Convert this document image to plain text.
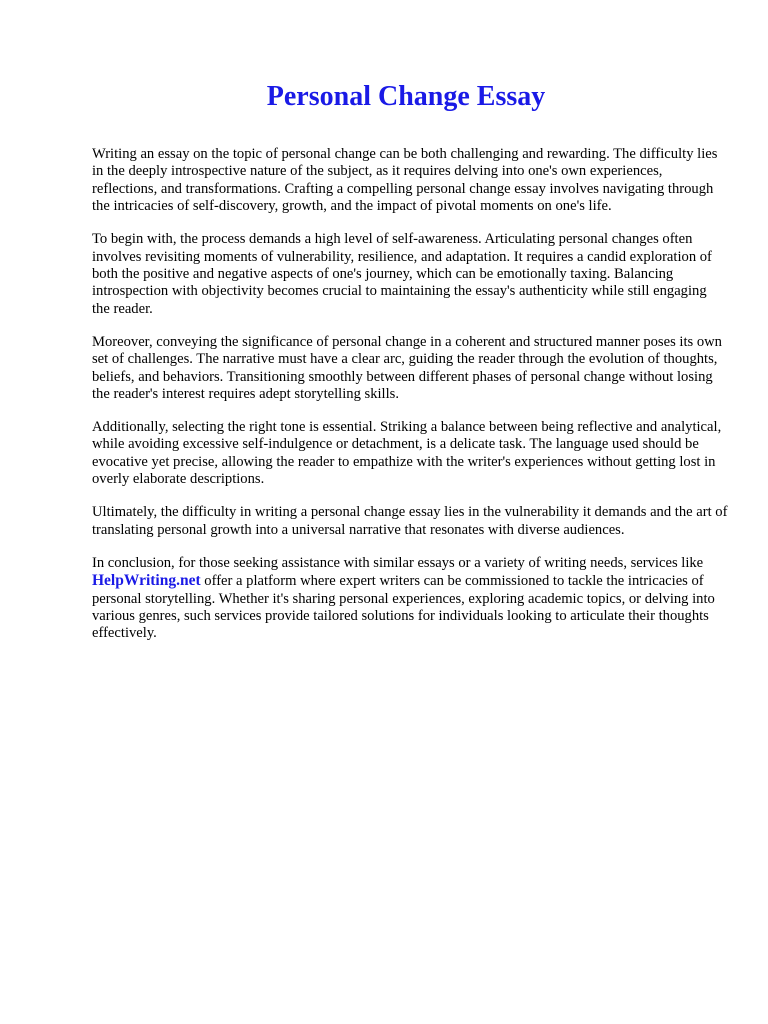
Personal Change Essay

Writing an essay on the topic of personal change can be both challenging and rewarding. The difficulty lies in the deeply introspective nature of the subject, as it requires delving into one's own experiences, reflections, and transformations. Crafting a compelling personal change essay involves navigating through the intricacies of self-discovery, growth, and the impact of pivotal moments on one's life.

To begin with, the process demands a high level of self-awareness. Articulating personal changes often involves revisiting moments of vulnerability, resilience, and adaptation. It requires a candid exploration of both the positive and negative aspects of one's journey, which can be emotionally taxing. Balancing introspection with objectivity becomes crucial to maintaining the essay's authenticity while still engaging the reader.

Moreover, conveying the significance of personal change in a coherent and structured manner poses its own set of challenges. The narrative must have a clear arc, guiding the reader through the evolution of thoughts, beliefs, and behaviors. Transitioning smoothly between different phases of personal change without losing the reader's interest requires adept storytelling skills.

Additionally, selecting the right tone is essential. Striking a balance between being reflective and analytical, while avoiding excessive self-indulgence or detachment, is a delicate task. The language used should be evocative yet precise, allowing the reader to empathize with the writer's experiences without getting lost in overly elaborate descriptions.

Ultimately, the difficulty in writing a personal change essay lies in the vulnerability it demands and the art of translating personal growth into a universal narrative that resonates with diverse audiences.

In conclusion, for those seeking assistance with similar essays or a variety of writing needs, services like HelpWriting.net offer a platform where expert writers can be commissioned to tackle the intricacies of personal storytelling. Whether it's sharing personal experiences, exploring academic topics, or delving into various genres, such services provide tailored solutions for individuals looking to articulate their thoughts effectively.
